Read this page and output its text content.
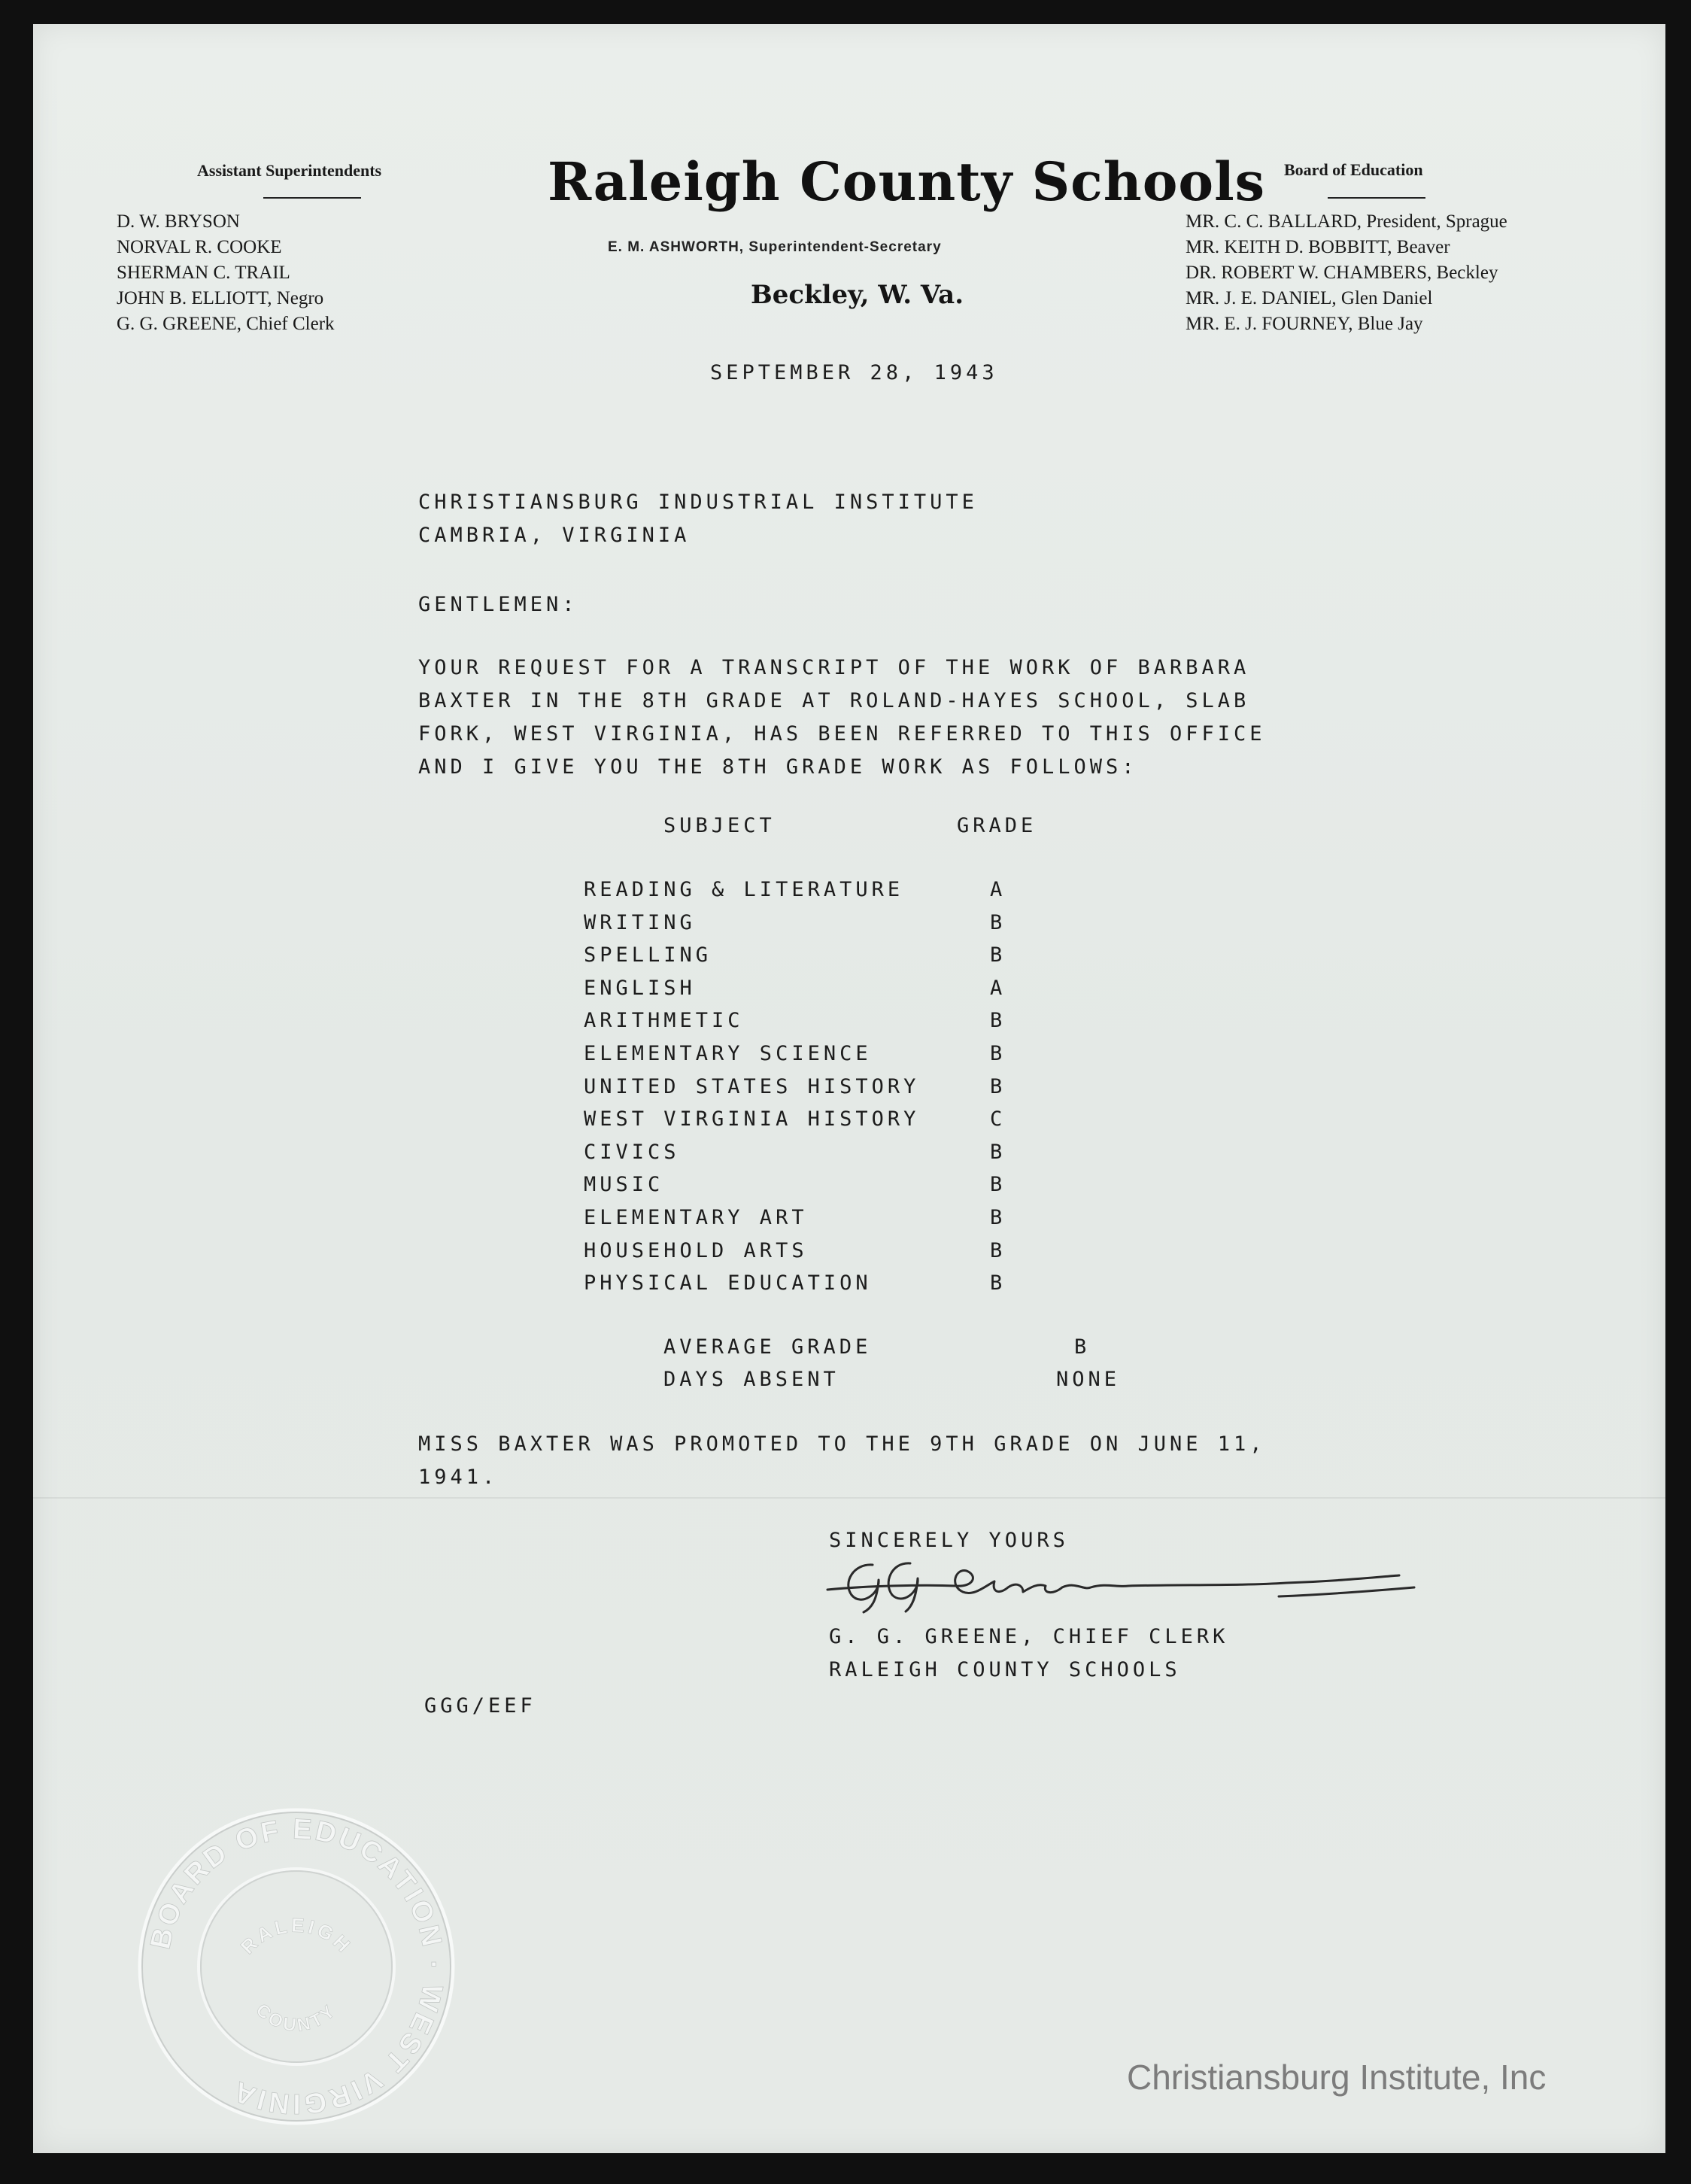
Assistant Superintendents
D. W. BRYSON
NORVAL R. COOKE
SHERMAN C. TRAIL
JOHN B. ELLIOTT, Negro
G. G. GREENE, Chief Clerk
Raleigh County Schools
E. M. ASHWORTH, Superintendent-Secretary
Beckley, W. Va.
Board of Education
MR. C. C. BALLARD, President, Sprague
MR. KEITH D. BOBBITT, Beaver
DR. ROBERT W. CHAMBERS, Beckley
MR. J. E. DANIEL, Glen Daniel
MR. E. J. FOURNEY, Blue Jay
SEPTEMBER 28, 1943
CHRISTIANSBURG INDUSTRIAL INSTITUTE
CAMBRIA, VIRGINIA
GENTLEMEN:
YOUR REQUEST FOR A TRANSCRIPT OF THE WORK OF BARBARA
BAXTER IN THE 8TH GRADE AT ROLAND-HAYES SCHOOL, SLAB
FORK, WEST VIRGINIA, HAS BEEN REFERRED TO THIS OFFICE
AND I GIVE YOU THE 8TH GRADE WORK AS FOLLOWS:
SUBJECT	GRADE
READING & LITERATURE	A
WRITING	B
SPELLING	B
ENGLISH	A
ARITHMETIC	B
ELEMENTARY SCIENCE	B
UNITED STATES HISTORY	B
WEST VIRGINIA HISTORY	C
CIVICS	B
MUSIC	B
ELEMENTARY ART	B
HOUSEHOLD ARTS	B
PHYSICAL EDUCATION	B
AVERAGE GRADE	B
DAYS ABSENT	NONE
MISS BAXTER WAS PROMOTED TO THE 9TH GRADE ON JUNE 11,
1941.
SINCERELY YOURS
G. G. GREENE, CHIEF CLERK
RALEIGH COUNTY SCHOOLS
GGG/EEF
BOARD OF EDUCATION · WEST VIRGINIA
RALEIGH
COUNTY
Christiansburg Institute, Inc
